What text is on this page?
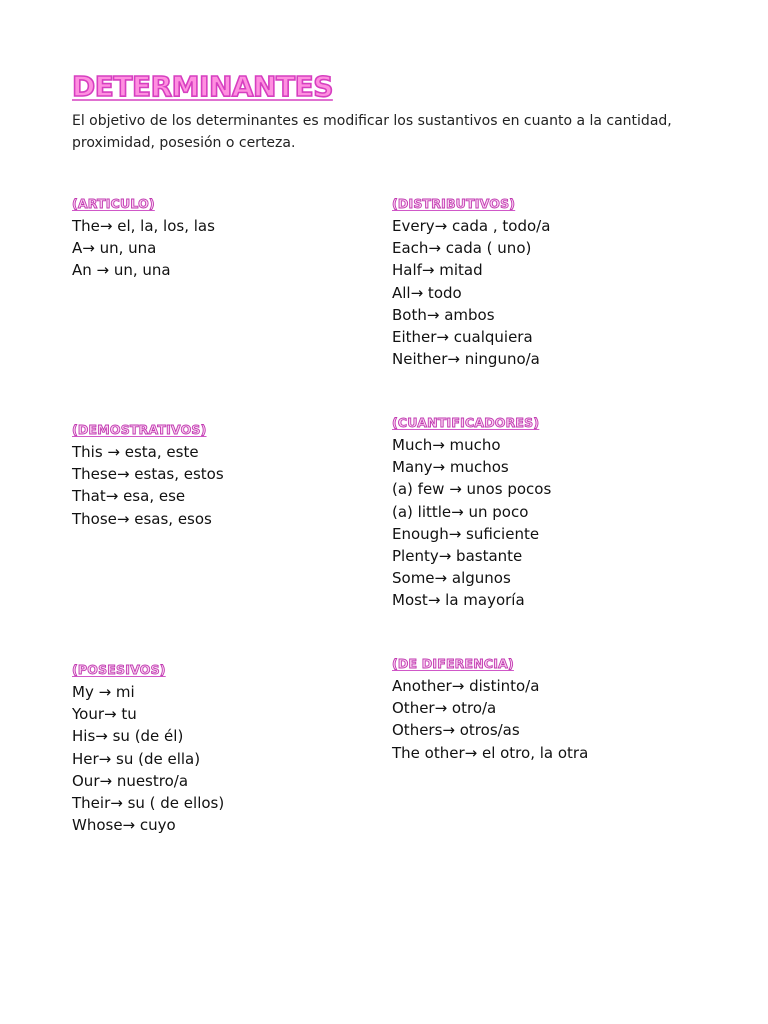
DETERMINANTES

El objetivo de los determinantes es modificar los sustantivos en cuanto a la cantidad, proximidad, posesión o certeza.

(ARTICULO)
The→ el, la, los, las
A→ un, una
An → un, una
(DISTRIBUTIVOS)
Every→ cada , todo/a
Each→ cada ( uno)
Half→ mitad
All→ todo
Both→ ambos
Either→ cualquiera
Neither→ ninguno/a
(DEMOSTRATIVOS)
This → esta, este
These→ estas, estos
That→ esa, ese
Those→ esas, esos
(CUANTIFICADORES)
Much→ mucho
Many→ muchos
(a) few → unos pocos
(a) little→ un poco
Enough→ suficiente
Plenty→ bastante
Some→ algunos
Most→ la mayoría
(POSESIVOS)
My → mi
Your→ tu
His→ su (de él)
Her→ su (de ella)
Our→ nuestro/a
Their→ su ( de ellos)
Whose→ cuyo
(DE DIFERENCIA)
Another→ distinto/a
Other→ otro/a
Others→ otros/as
The other→ el otro, la otra
